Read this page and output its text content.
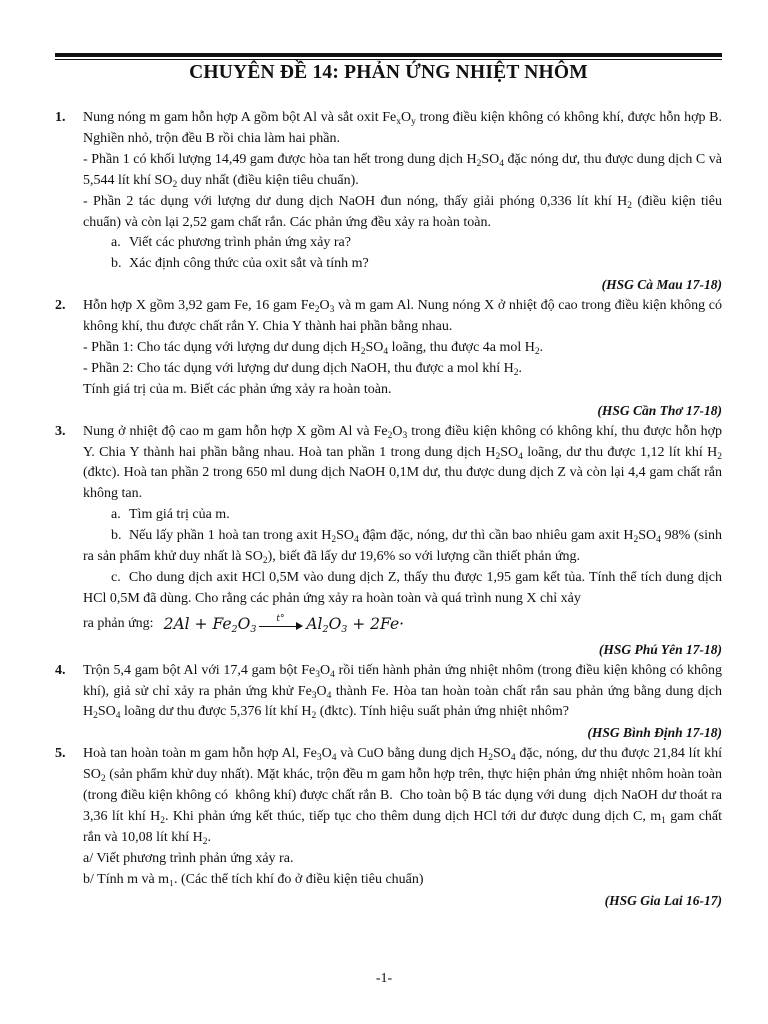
CHUYÊN ĐỀ 14: PHẢN ỨNG NHIỆT NHÔM
1. Nung nóng m gam hỗn hợp A gồm bột Al và sắt oxit $Fe_xO_y$ trong điều kiện không có không khí, được hỗn hợp B. Nghiền nhỏ, trộn đều B rồi chia làm hai phần.

- Phần 1 có khối lượng 14,49 gam được hòa tan hết trong dung dịch $H_2SO_4$ đặc nóng dư, thu được dung dịch C và 5,544 lít khí $SO_2$ duy nhất (điều kiện tiêu chuẩn).

- Phần 2 tác dụng với lượng dư dung dịch NaOH đun nóng, thấy giải phóng 0,336 lít khí $H_2$ (điều kiện tiêu chuẩn) và còn lại 2,52 gam chất rắn. Các phản ứng đều xảy ra hoàn toàn.

a. Viết các phương trình phản ứng xảy ra?

b. Xác định công thức của oxit sắt và tính m?

(HSG Cà Mau 17-18)
2. Hỗn hợp X gồm 3,92 gam Fe, 16 gam $Fe_2O_3$ và m gam Al. Nung nóng X ở nhiệt độ cao trong điều kiện không có không khí, thu được chất rắn Y. Chia Y thành hai phần bằng nhau.

- Phần 1: Cho tác dụng với lượng dư dung dịch $H_2SO_4$ loãng, thu được 4a mol $H_2$.

- Phần 2: Cho tác dụng với lượng dư dung dịch NaOH, thu được a mol khí $H_2$.

Tính giá trị của m. Biết các phản ứng xảy ra hoàn toàn.

(HSG Cần Thơ 17-18)
3. Nung ở nhiệt độ cao m gam hỗn hợp X gồm Al và $Fe_2O_3$ trong điều kiện không có không khí, thu được hỗn hợp Y. Chia Y thành hai phần bằng nhau. Hoà tan phần 1 trong dung dịch $H_2SO_4$ loãng, dư thu được 1,12 lít khí $H_2$ (đktc). Hoà tan phần 2 trong 650 ml dung dịch NaOH 0,1M dư, thu được dung dịch Z và còn lại 4,4 gam chất rắn không tan.

a. Tìm giá trị của m.

b.  Nếu lấy phần 1 hoà tan trong axit $H_2SO_4$ đậm đặc, nóng, dư thì cần bao nhiêu gam axit $H_2SO_4$ 98% (sinh ra sản phẩm khử duy nhất là $SO_2$), biết đã lấy dư 19,6% so với lượng cần thiết phản ứng.

c.  Cho dung dịch axit HCl 0,5M vào dung dịch Z, thấy thu được 1,95 gam kết tủa. Tính thể tích dung dịch HCl 0,5M đã dùng. Cho rằng các phản ứng xảy ra hoàn toàn và quá trình nung X chỉ xảy

ra phản ứng: $2Al + Fe_2O_3$
t° $Al_2O_3 + 2Fe\cdot$
(HSG Phú Yên 17-18)
4. Trộn 5,4 gam bột Al với 17,4 gam bột $Fe_3O_4$ rồi tiến hành phản ứng nhiệt nhôm (trong điều kiện không có không khí), giả sử chỉ xảy ra phản ứng khử $Fe_3O_4$ thành Fe. Hòa tan hoàn toàn chất rắn sau phản ứng bằng dung dịch $H_2SO_4$ loãng dư thu được 5,376 lít khí $H_2$ (đktc). Tính hiệu suất phản ứng nhiệt nhôm?

(HSG Bình Định 17-18)
5. Hoà tan hoàn toàn m gam hỗn hợp Al, $Fe_3O_4$ và CuO bằng dung dịch $H_2SO_4$ đặc, nóng, dư thu được 21,84 lít khí $SO_2$ (sản phẩm khử duy nhất). Mặt khác, trộn đều m gam hỗn hợp trên, thực hiện phản ứng nhiệt nhôm hoàn toàn (trong điều kiện không có  không khí) được chất rắn B.  Cho toàn bộ B tác dụng với dung  dịch NaOH dư thoát ra 3,36 lít khí $H_2$. Khi phản ứng kết thúc, tiếp tục cho thêm dung dịch HCl tới dư được dung dịch C, $m_1$ gam chất rắn và 10,08 lít khí $H_2$.

a/ Viết phương trình phản ứng xảy ra.

b/ Tính m và m₁. (Các thể tích khí đo ở điều kiện tiêu chuẩn)

(HSG Gia Lai 16-17)
-1-
